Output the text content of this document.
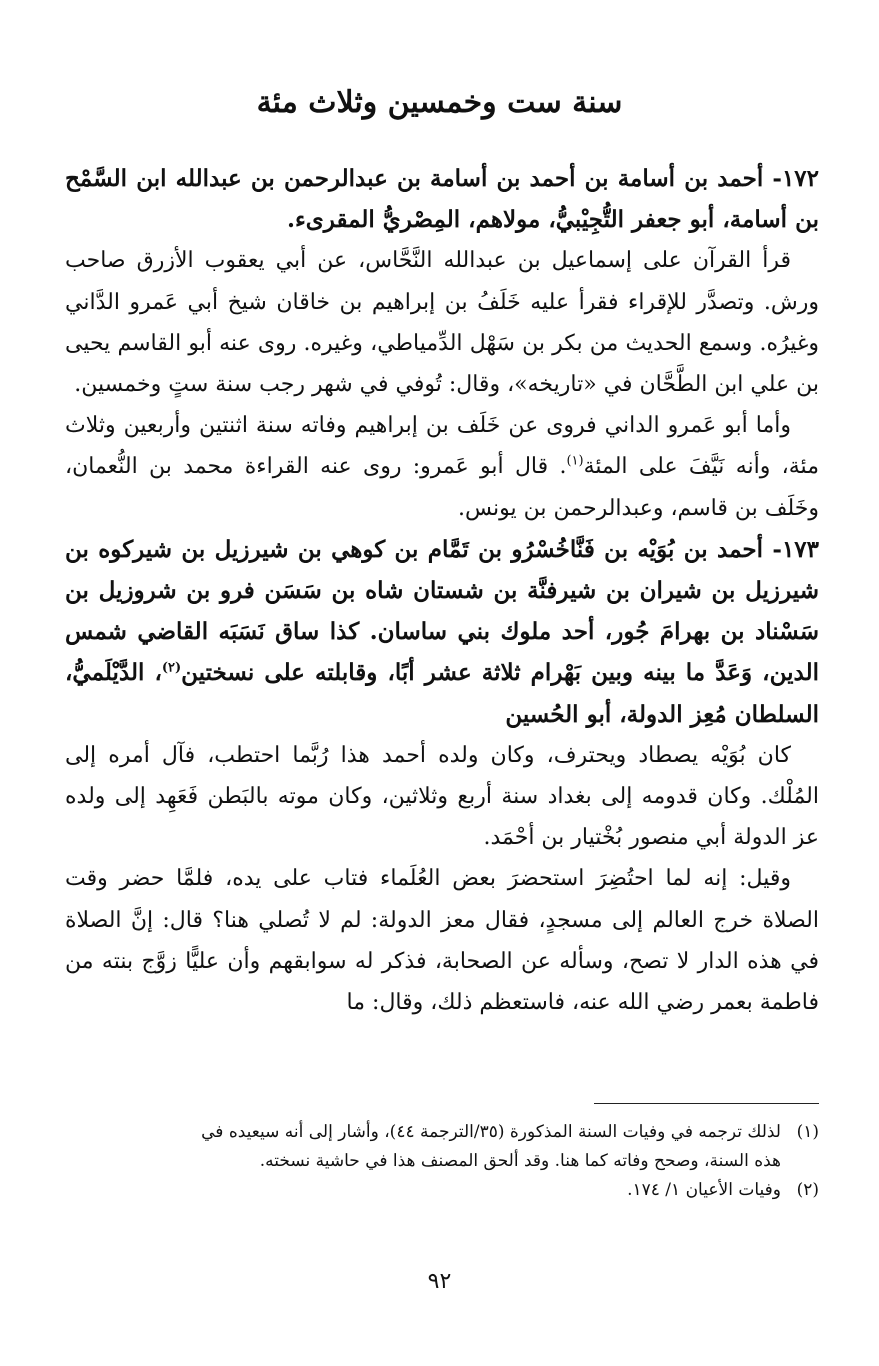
سنة ست وخمسين وثلاث مئة

١٧٢- أحمد بن أسامة بن أحمد بن أسامة بن عبدالرحمن بن عبدالله ابن السَّمْح بن أسامة، أبو جعفر التُّجِيْبيُّ، مولاهم، المِصْريُّ المقرىء.

قرأ القرآن على إسماعيل بن عبدالله النَّحَّاس، عن أبي يعقوب الأزرق صاحب ورش. وتصدَّر للإقراء فقرأ عليه خَلَفُ بن إبراهيم بن خاقان شيخ أبي عَمرو الدَّاني وغيرُه. وسمع الحديث من بكر بن سَهْل الدِّمياطي، وغيره. روى عنه أبو القاسم يحيى بن علي ابن الطَّحَّان في «تاريخه»، وقال: تُوفي في شهر رجب سنة ستٍ وخمسين.

وأما أبو عَمرو الداني فروى عن خَلَف بن إبراهيم وفاته سنة اثنتين وأربعين وثلاث مئة، وأنه نَيَّفَ على المئة$^{(١)}$. قال أبو عَمرو: روى عنه القراءة محمد بن النُّعمان، وخَلَف بن قاسم، وعبدالرحمن بن يونس.

١٧٣- أحمد بن بُوَيْه بن فَنَّاخُسْرُو بن تَمَّام بن كوهي بن شيرزيل بن شيركوه بن شيرزيل بن شيران بن شيرفنَّة بن شستان شاه بن سَسَن فرو بن شروزيل بن سَسْناد بن بهرامَ جُور، أحد ملوك بني ساسان. كذا ساق نَسَبَه القاضي شمس الدين، وَعَدَّ ما بينه وبين بَهْرام ثلاثة عشر أبًا، وقابلته على نسختين$^{(٢)}$، الدَّيْلَميُّ، السلطان مُعِز الدولة، أبو الحُسين

كان بُوَيْه يصطاد ويحترف، وكان ولده أحمد هذا رُبَّما احتطب، فآل أمره إلى المُلْك. وكان قدومه إلى بغداد سنة أربع وثلاثين، وكان موته بالبَطن فَعَهِد إلى ولده عز الدولة أبي منصور بُخْتيار بن أحْمَد.

وقيل: إنه لما احتُضِرَ استحضرَ بعض العُلَماء فتاب على يده، فلمَّا حضر وقت الصلاة خرج العالم إلى مسجدٍ، فقال معز الدولة: لم لا تُصلي هنا؟ قال: إنَّ الصلاة في هذه الدار لا تصح، وسأله عن الصحابة، فذكر له سوابقهم وأن عليًّا زوَّج بنته من فاطمة بعمر رضي الله عنه، فاستعظم ذلك، وقال: ما

(١)لذلك ترجمه في وفيات السنة المذكورة (٣٥/الترجمة ٤٤)، وأشار إلى أنه سيعيده في

هذه السنة، وصحح وفاته كما هنا. وقد ألحق المصنف هذا في حاشية نسخته.

(٢)وفيات الأعيان ١/ ١٧٤.

٩٢
